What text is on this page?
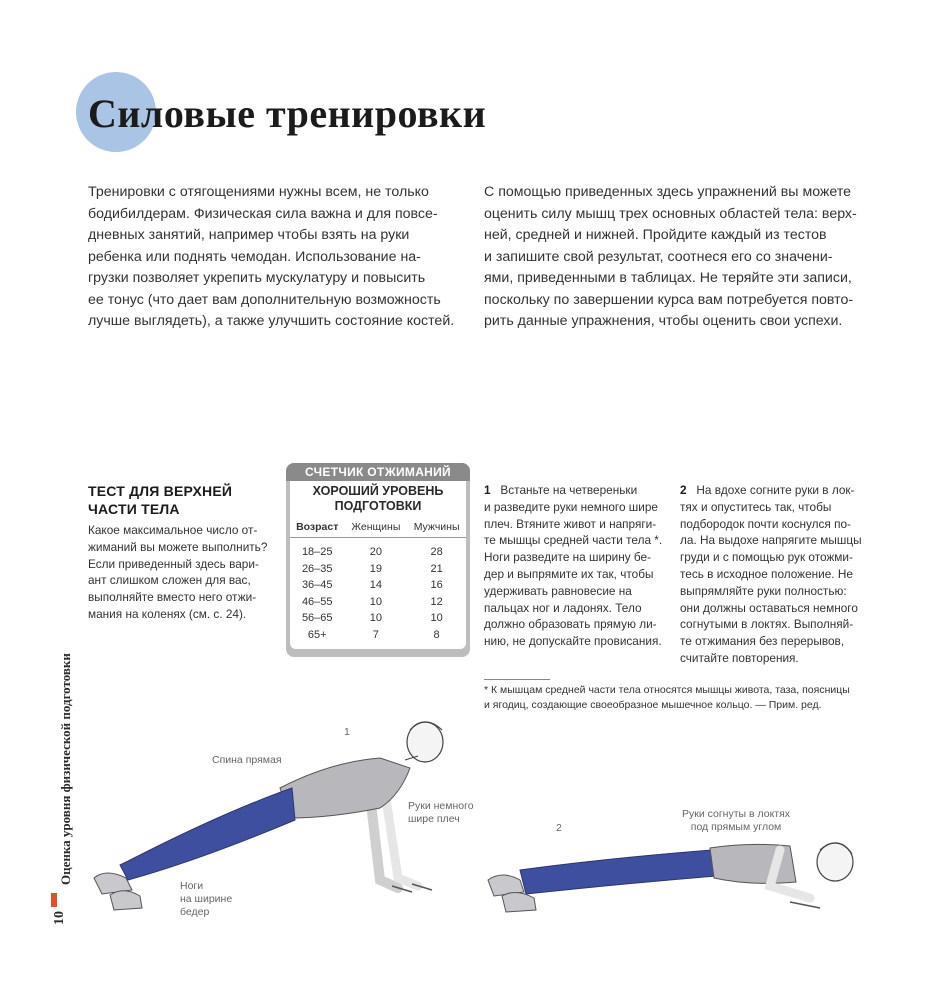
Силовые тренировки
Тренировки с отягощениями нужны всем, не только
бодибилдерам. Физическая сила важна и для повсе-
дневных занятий, например чтобы взять на руки
ребенка или поднять чемодан. Использование на-
грузки позволяет укрепить мускулатуру и повысить
ее тонус (что дает вам дополнительную возможность
лучше выглядеть), а также улучшить состояние костей.
С помощью приведенных здесь упражнений вы можете
оценить силу мышц трех основных областей тела: верх-
ней, средней и нижней. Пройдите каждый из тестов
и запишите свой результат, соотнеся его со значени-
ями, приведенными в таблицах. Не теряйте эти записи,
поскольку по завершении курса вам потребуется повто-
рить данные упражнения, чтобы оценить свои успехи.
ТЕСТ ДЛЯ ВЕРХНЕЙ
ЧАСТИ ТЕЛА
Какое максимальное число от-
жиманий вы можете выполнить?
Если приведенный здесь вари-
ант слишком сложен для вас,
выполняйте вместо него отжи-
мания на коленях (см. с. 24).
СЧЕТЧИК ОТЖИМАНИЙ
ХОРОШИЙ УРОВЕНЬ
ПОДГОТОВКИ
Возраст	Женщины	Мужчины
18–25	20	28
26–35	19	21
36–45	14	16
46–55	10	12
56–65	10	10
65+	7	8
1 Встаньте на четвереньки
и разведите руки немного шире
плеч. Втяните живот и напряги-
те мышцы средней части тела *.
Ноги разведите на ширину бе-
дер и выпрямите их так, чтобы
удерживать равновесие на
пальцах ног и ладонях. Тело
должно образовать прямую ли-
нию, не допускайте провисания.
2 На вдохе согните руки в лок-
тях и опуститесь так, чтобы
подбородок почти коснулся по-
ла. На выдохе напрягите мышцы
груди и с помощью рук отожми-
тесь в исходное положение. Не
выпрямляйте руки полностью:
они должны оставаться немного
согнутыми в локтях. Выполняй-
те отжимания без перерывов,
считайте повторения.
* К мышцам средней части тела относятся мышцы живота, таза, поясницы
и ягодиц, создающие своеобразное мышечное кольцо. — Прим. ред.
1
Спина прямая
Руки немного
шире плеч
Ноги
на ширине
бедер
2
Руки согнуты в локтях
под прямым углом
Оценка уровня физической подготовки
10
